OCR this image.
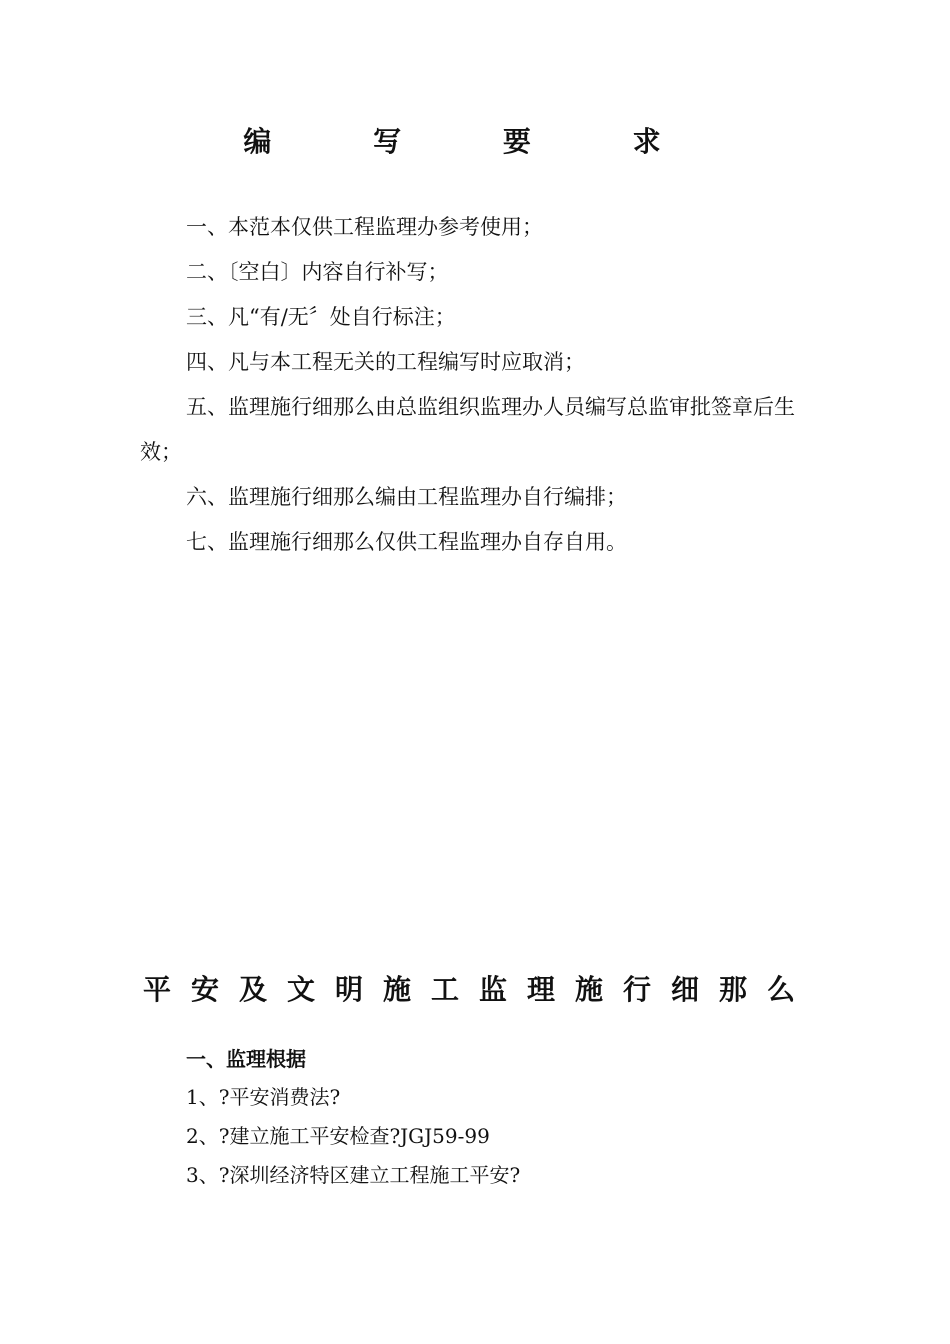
编 写 要 求
一、本范本仅供工程监理办参考使用；
二、〔空白〕内容自行补写；
三、凡“有/无〞处自行标注；
四、凡与本工程无关的工程编写时应取消；
五、监理施行细那么由总监组织监理办人员编写总监审批签章后生效；
六、监理施行细那么编由工程监理办自行编排；
七、监理施行细那么仅供工程监理办自存自用。
平安及文明施工监理施行细那么
一、监理根据
1、?平安消费法?
2、?建立施工平安检查?JGJ59-99
3、?深圳经济特区建立工程施工平安?
